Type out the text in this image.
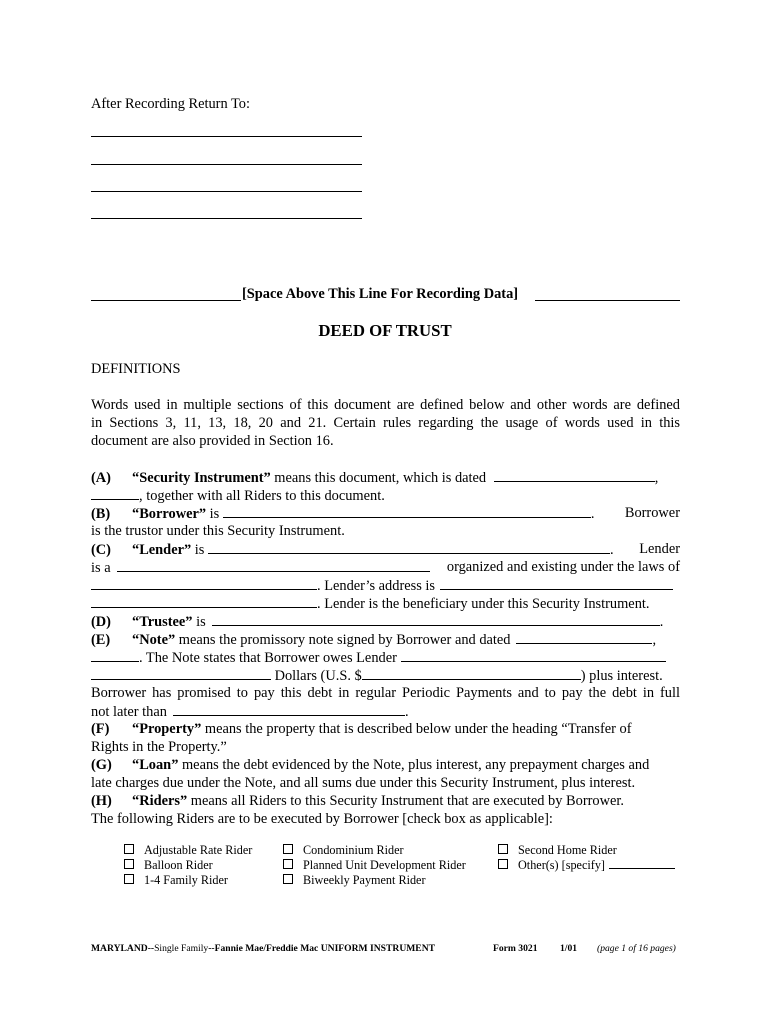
After Recording Return To:
[Space Above This Line For Recording Data]
DEED OF TRUST
DEFINITIONS
Words used in multiple sections of this document are defined below and other words are defined
in Sections 3, 11, 13, 18, 20 and 21. Certain rules regarding the usage of words used in this
document are also provided in Section 16.
(A) “Security Instrument” means this document, which is dated	,
, together with all Riders to this document.
(B) “Borrower” is	. Borrower
is the trustor under this Security Instrument.
(C) “Lender” is	. Lender
is a	organized and existing under the laws of
. Lender’s address is
. Lender is the beneficiary under this Security Instrument.
(D) “Trustee” is	.
(E) “Note” means the promissory note signed by Borrower and dated	,
. The Note states that Borrower owes Lender
Dollars (U.S. $	) plus interest.
Borrower has promised to pay this debt in regular Periodic Payments and to pay the debt in full
not later than	.
(F) “Property” means the property that is described below under the heading “Transfer of
Rights in the Property.”
(G) “Loan” means the debt evidenced by the Note, plus interest, any prepayment charges and
late charges due under the Note, and all sums due under this Security Instrument, plus interest.
(H) “Riders” means all Riders to this Security Instrument that are executed by Borrower.
The following Riders are to be executed by Borrower [check box as applicable]:
Adjustable Rate Rider
Balloon Rider
1-4 Family Rider
Condominium Rider
Planned Unit Development Rider
Biweekly Payment Rider
Second Home Rider
Other(s) [specify]
MARYLAND--Single Family--Fannie Mae/Freddie Mac UNIFORM INSTRUMENT	Form 3021 1/01 (page 1 of 16 pages)
